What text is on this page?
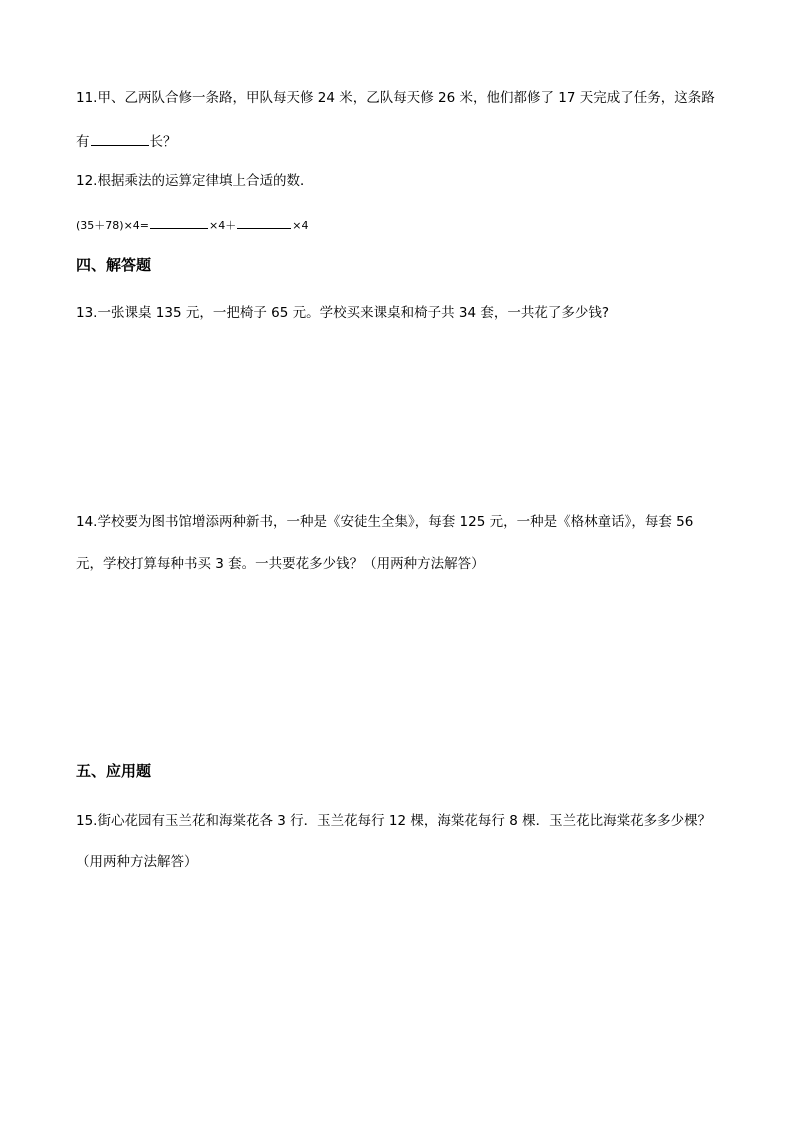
11.甲、乙两队合修一条路，甲队每天修 24 米，乙队每天修 26 米，他们都修了 17 天完成了任务，这条路
有	长？
12.根据乘法的运算定律填上合适的数．
(35＋78)×4=	×4＋	×4
四、解答题
13.一张课桌 135 元，一把椅子 65 元。学校买来课桌和椅子共 34 套，一共花了多少钱?
14.学校要为图书馆增添两种新书，一种是《安徒生全集》，每套 125 元，一种是《格林童话》，每套 56
元，学校打算每种书买 3 套。一共要花多少钱？（用两种方法解答）
五、应用题
15.街心花园有玉兰花和海棠花各 3 行．玉兰花每行 12 棵，海棠花每行 8 棵．玉兰花比海棠花多多少棵？
（用两种方法解答）
